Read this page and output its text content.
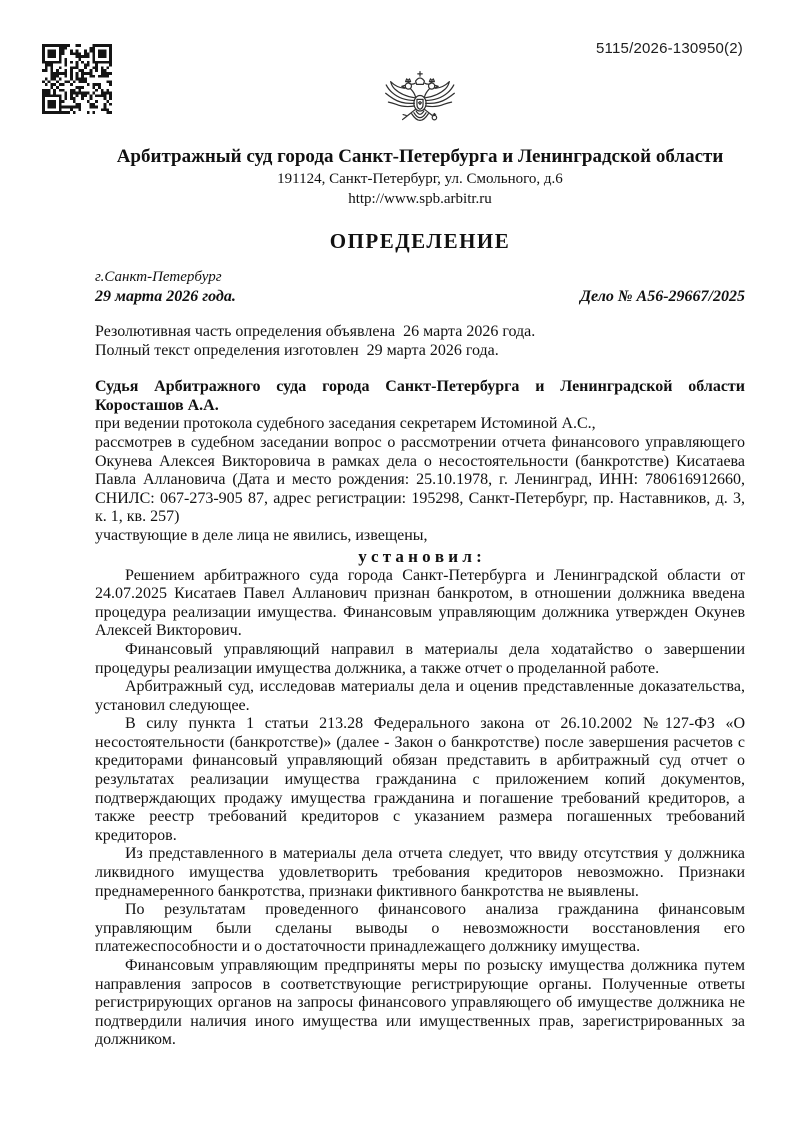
5115/2026-130950(2)

Арбитражный суд города Санкт-Петербурга и Ленинградской области

191124, Санкт-Петербург, ул. Смольного, д.6

http://www.spb.arbitr.ru

ОПРЕДЕЛЕНИЕ

г.Санкт-Петербург

29 марта 2026 года.	Дело № А56-29667/2025

Резолютивная часть определения объявлена  26 марта 2026 года.

Полный текст определения изготовлен  29 марта 2026 года.

Судья Арбитражного суда города Санкт-Петербурга и Ленинградской области

Коросташов А.А.

при ведении протокола судебного заседания секретарем Истоминой А.С.,

рассмотрев в судебном заседании вопрос о рассмотрении отчета финансового управляющего Окунева Алексея Викторовича в рамках дела о несостоятельности (банкротстве) Кисатаева Павла Аллановича (Дата и место рождения: 25.10.1978, г. Ленинград, ИНН: 780616912660, СНИЛС: 067-273-905 87, адрес регистрации: 195298, Санкт-Петербург, пр. Наставников, д. 3, к. 1, кв. 257)

участвующие в деле лица не явились, извещены,

у с т а н о в и л :

Решением арбитражного суда города Санкт-Петербурга и Ленинградской области от 24.07.2025 Кисатаев Павел Алланович признан банкротом, в отношении должника введена процедура реализации имущества. Финансовым управляющим должника утвержден Окунев Алексей Викторович.

Финансовый управляющий направил в материалы дела ходатайство о завершении процедуры реализации имущества должника, а также отчет о проделанной работе.

Арбитражный суд, исследовав материалы дела и оценив представленные доказательства, установил следующее.

В силу пункта 1 статьи 213.28 Федерального закона от 26.10.2002 №127-ФЗ «О несостоятельности (банкротстве)» (далее - Закон о банкротстве) после завершения расчетов с кредиторами финансовый управляющий обязан представить в арбитражный суд отчет о результатах реализации имущества гражданина с приложением копий документов, подтверждающих продажу имущества гражданина и погашение требований кредиторов, а также реестр требований кредиторов с указанием размера погашенных требований кредиторов.

Из представленного в материалы дела отчета следует, что ввиду отсутствия у должника ликвидного имущества удовлетворить требования кредиторов невозможно. Признаки преднамеренного банкротства, признаки фиктивного банкротства не выявлены.

По результатам проведенного финансового анализа гражданина финансовым управляющим были сделаны выводы о невозможности восстановления его платежеспособности и о достаточности принадлежащего должнику имущества.

Финансовым управляющим предприняты меры по розыску имущества должника путем направления запросов в соответствующие регистрирующие органы. Полученные ответы регистрирующих органов на запросы финансового управляющего об имуществе должника не подтвердили наличия иного имущества или имущественных прав, зарегистрированных за должником.
